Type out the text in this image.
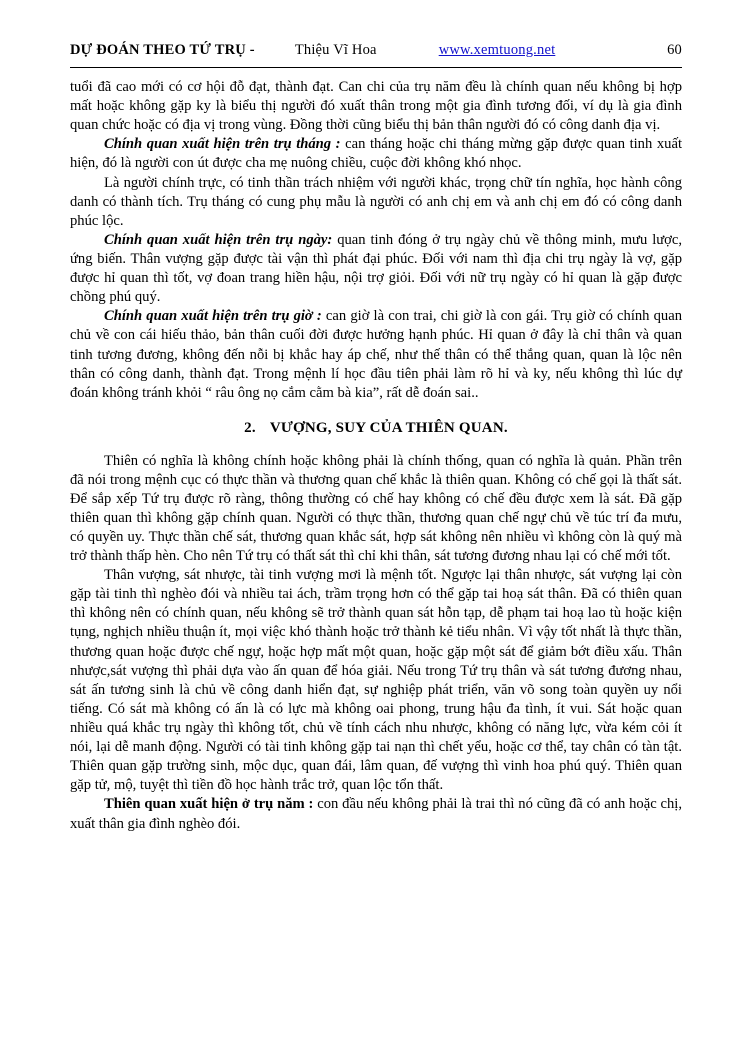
DỰ ĐOÁN THEO TỨ TRỤ -	Thiệu Vĩ Hoa	www.xemtuong.net	60

tuổi đã cao mới có cơ hội đỗ đạt, thành đạt. Can chi của trụ năm đều là chính quan nếu không bị hợp mất hoặc không gặp ky là biểu thị người đó xuất thân trong một gia đình tương đối, ví dụ là gia đình quan chức hoặc có địa vị trong vùng. Đồng thời cũng biểu thị bản thân người đó có công danh địa vị.

Chính quan xuất hiện trên trụ tháng : can tháng hoặc chi tháng mừng gặp được quan tinh xuất hiện, đó là người con út được cha mẹ nuông chiều, cuộc đời không khó nhọc.

Là người chính trực, có tinh thần trách nhiệm với người khác, trọng chữ tín nghĩa, học hành công danh có thành tích. Trụ tháng có cung phụ mẫu là người có anh chị em và anh chị em đó có công danh phúc lộc.

Chính quan xuất hiện trên trụ ngày: quan tinh đóng ở trụ ngày chủ về thông minh, mưu lược, ứng biến. Thân vượng gặp được tài vận thì phát đại phúc. Đối với nam thì địa chi trụ ngày là vợ, gặp được hỉ quan thì tốt, vợ đoan trang hiền hậu, nội trợ giỏi. Đối với nữ trụ ngày có hỉ quan là gặp được chồng phú quý.

Chính quan xuất hiện trên trụ giờ : can giờ là con trai, chi giờ là con gái. Trụ giờ có chính quan chủ về con cái hiếu thảo, bản thân cuối đời được hưởng hạnh phúc. Hỉ quan ở đây là chỉ thân và quan tinh tương đương, không đến nỗi bị khắc hay áp chế, như thế thân có thể thắng quan, quan là lộc nên thân có công danh, thành đạt. Trong mệnh lí học đầu tiên phải làm rõ hỉ và ky, nếu không thì lúc dự đoán không tránh khỏi “ râu ông nọ cắm cằm bà kia”, rất dễ đoán sai..

2. VƯỢNG, SUY CỦA THIÊN QUAN.

Thiên có nghĩa là không chính hoặc không phải là chính thống, quan có nghĩa là quản. Phần trên đã nói trong mệnh cục có thực thần và thương quan chế khắc là thiên quan. Không có chế gọi là thất sát. Để sắp xếp Tứ trụ được rõ ràng, thông thường có chế hay không có chế đều được xem là sát. Đã gặp thiên quan thì không gặp chính quan. Người có thực thần, thương quan chế ngự chủ về túc trí đa mưu, có quyền uy. Thực thần chế sát, thương quan khắc sát, hợp sát không nên nhiều vì không còn là quý mà trở thành thấp hèn. Cho nên Tứ trụ có thất sát thì chỉ khi thân, sát tương đương nhau lại có chế mới tốt.

Thân vượng, sát nhược, tài tinh vượng mơi là mệnh tốt. Ngược lại thân nhược, sát vượng lại còn gặp tài tinh thì nghèo đói và nhiều tai ách, trầm trọng hơn có thể gặp tai hoạ sát thân. Đã có thiên quan thì không nên có chính quan, nếu không sẽ trở thành quan sát hỗn tạp, dễ phạm tai hoạ lao tù hoặc kiện tụng, nghịch nhiều thuận ít, mọi việc khó thành hoặc trở thành kẻ tiểu nhân. Vì vậy tốt nhất là thực thần, thương quan hoặc được chế ngự, hoặc hợp mất một quan, hoặc gặp một sát để giảm bớt điều xấu. Thân nhược,sát vượng thì phải dựa vào ấn quan để hóa giải. Nếu trong Tứ trụ thân và sát tương đương nhau, sát ấn tương sinh là chủ về công danh hiển đạt, sự nghiệp phát triển, văn võ song toàn quyền uy nổi tiếng. Có sát mà không có ấn là có lực mà không oai phong, trung hậu đa tình, ít vui. Sát hoặc quan nhiều quá khắc trụ ngày thì không tốt, chủ về tính cách nhu nhược, không có năng lực, vừa kém cỏi ít nói, lại dễ manh động. Người có tài tinh không gặp tai nạn thì chết yểu, hoặc cơ thể, tay chân có tàn tật. Thiên quan gặp trường sinh, mộc dục, quan đái, lâm quan, đế vượng thì vinh hoa phú quý. Thiên quan gặp tử, mộ, tuyệt thì tiền đồ học hành trắc trở, quan lộc tổn thất.

Thiên quan xuất hiện ở trụ năm : con đầu nếu không phải là trai thì nó cũng đã có anh hoặc chị, xuất thân gia đình nghèo đói.
